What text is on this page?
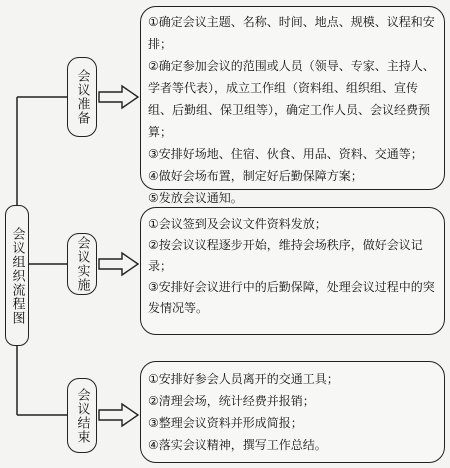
会议组织流程图
会议准备
会议实施
会议结束
①确定会议主题、名称、时间、地点、规模、议程和安排；
②确定参加会议的范围或人员（领导、专家、主持人、学者等代表），成立工作组（资料组、组织组、宣传组、后勤组、保卫组等），确定工作人员、会议经费预算；
③安排好场地、住宿、伙食、用品、资料、交通等；
④做好会场布置，制定好后勤保障方案；
⑤发放会议通知。
①会议签到及会议文件资料发放；
②按会议议程逐步开始，维持会场秩序，做好会议记录；
③安排好会议进行中的后勤保障，处理会议过程中的突发情况等。
①安排好参会人员离开的交通工具；
②清理会场，统计经费并报销；
③整理会议资料并形成简报；
④落实会议精神，撰写工作总结。
